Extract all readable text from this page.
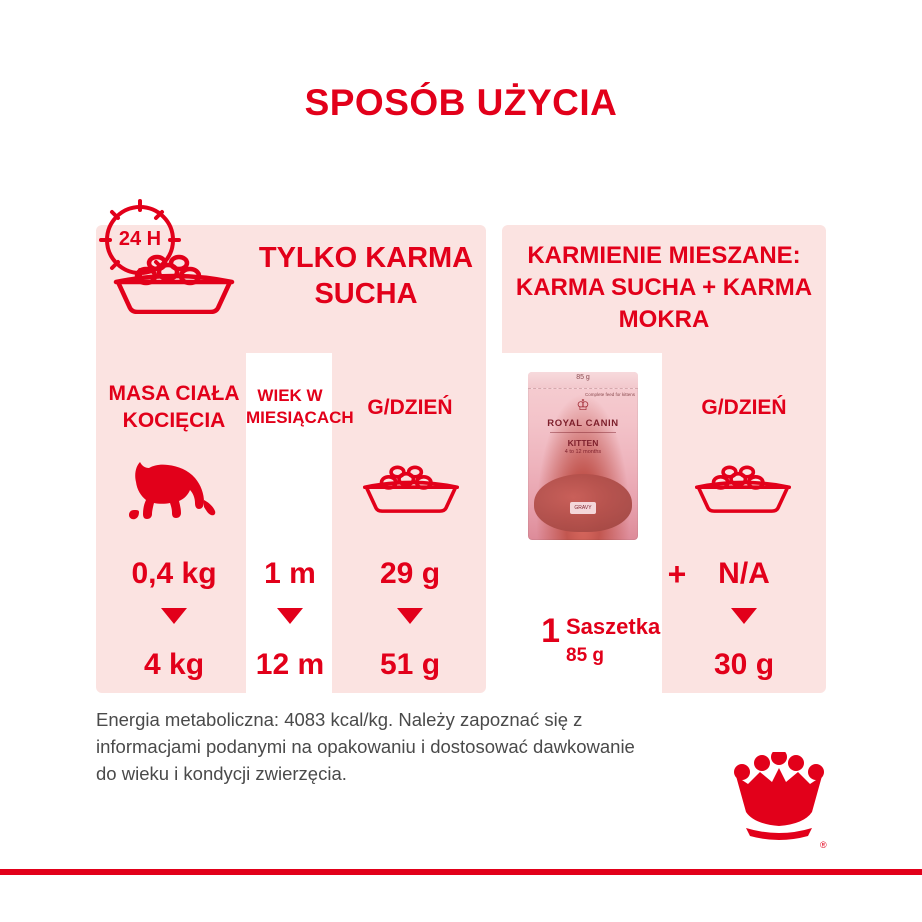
SPOSÓB UŻYCIA
TYLKO KARMA SUCHA
KARMIENIE MIESZANE: KARMA SUCHA + KARMA MOKRA
24 H
MASA CIAŁA KOCIĘCIA
WIEK W MIESIĄCACH G/DZIEŃ	G/DZIEŃ
0,4 kg
4 kg
1 m
12 m
29 g
51 g
85 g
♔
ROYAL CANIN
KITTEN
4 to 12 months
Complete feed for kittens
GRAVY
+
1 Saszetka
85 g
N/A
30 g
Energia metaboliczna: 4083 kcal/kg. Należy zapoznać się z informacjami podanymi na opakowaniu i dostosować dawkowanie do wieku i kondycji zwierzęcia.
®
